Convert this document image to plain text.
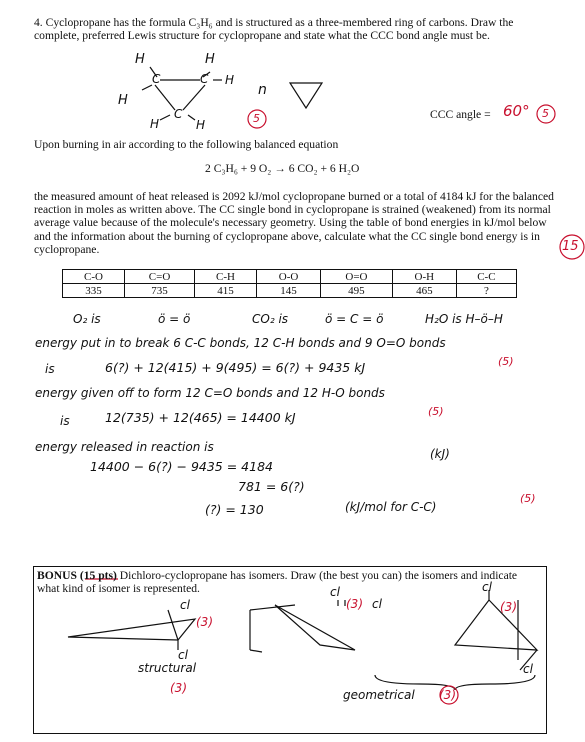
4. Cyclopropane has the formula C₃H₆ and is structured as a three-membered ring of carbons. Draw the complete, preferred Lewis structure for cyclopropane and state what the CCC bond angle must be.
H	H
C	C H
H
C
H	H
n
5	CCC angle = 60° 5
Upon burning in air according to the following balanced equation
2 C₃H₆ + 9 O₂ → 6 CO₂ + 6 H₂O
the measured amount of heat released is 2092 kJ/mol cyclopropane burned or a total of 4184 kJ for the balanced reaction in moles as written above. The CC single bond in cyclopropane is strained (weakened) from its normal average value because of the molecule's necessary geometry. Using the table of bond energies in kJ/mol below and the information about the burning of cyclopropane above, calculate what the CC single bond energy is in cyclopropane.	15
C-O	C=O	C-H	O-O	O=O	O-H	C-C
335	735	415	145	495	465	?
O₂ is	ö = ö	CO₂ is	ö = C = ö	H₂O is H–ö–H
energy put in to break 6 C-C bonds, 12 C-H bonds and 9 O=O bonds
is	6(?) + 12(415) + 9(495) = 6(?) + 9435 kJ	(5)
energy given off to form 12 C=O bonds and 12 H-O bonds
is	12(735) + 12(465) = 14400 kJ	(5)
energy released in reaction is
14400 − 6(?) − 9435 = 4184
(kJ)
781 = 6(?)
(?) = 130	(kJ/mol for C-C)
(5)
BONUS (15 pts) Dichloro-cyclopropane has isomers. Draw (the best you can) the isomers and indicate what kind of isomer is represented.
cl
cl
(3)
cl
cl
(3)
cl
cl
(3)
structural
(3)	geometrical (3)
